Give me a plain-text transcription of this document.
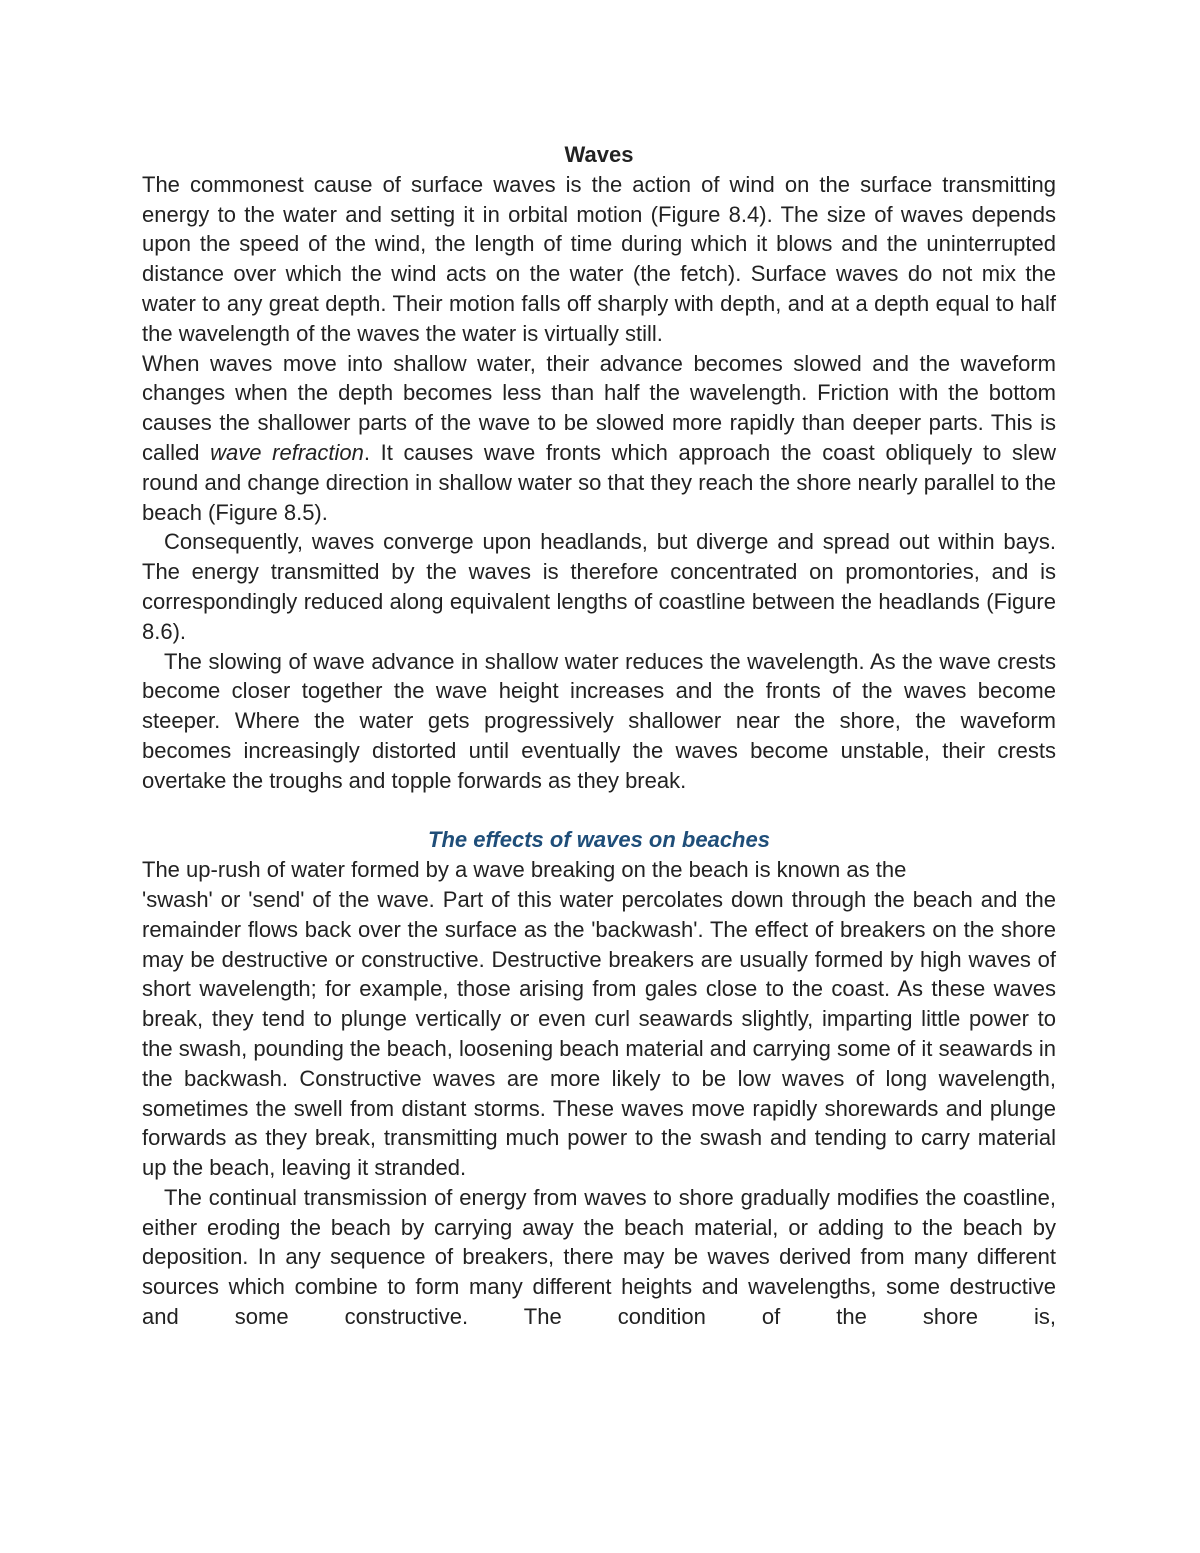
Waves

The commonest cause of surface waves is the action of wind on the surface transmitting energy to the water and setting it in orbital motion (Figure 8.4). The size of waves depends upon the speed of the wind, the length of time during which it blows and the uninterrupted distance over which the wind acts on the water (the fetch). Surface waves do not mix the water to any great depth. Their motion falls off sharply with depth, and at a depth equal to half the wavelength of the waves the water is virtually still.

When waves move into shallow water, their advance becomes slowed and the waveform changes when the depth becomes less than half the wavelength. Friction with the bottom causes the shallower parts of the wave to be slowed more rapidly than deeper parts. This is called wave refraction. It causes wave fronts which approach the coast obliquely to slew round and change direction in shallow water so that they reach the shore nearly parallel to the beach (Figure 8.5).

Consequently, waves converge upon headlands, but diverge and spread out within bays. The energy transmitted by the waves is therefore concentrated on promontories, and is correspondingly reduced along equivalent lengths of coastline between the headlands (Figure 8.6).

The slowing of wave advance in shallow water reduces the wavelength. As the wave crests become closer together the wave height increases and the fronts of the waves become steeper. Where the water gets progressively shallower near the shore, the waveform becomes increasingly distorted until eventually the waves become unstable, their crests overtake the troughs and topple forwards as they break.

The effects of waves on beaches

The up-rush of water formed by a wave breaking on the beach is known as the

'swash' or 'send' of the wave. Part of this water percolates down through the beach and the remainder flows back over the surface as the 'backwash'. The effect of breakers on the shore may be destructive or constructive. Destructive breakers are usually formed by high waves of short wavelength; for example, those arising from gales close to the coast. As these waves break, they tend to plunge vertically or even curl seawards slightly, imparting little power to the swash, pounding the beach, loosening beach material and carrying some of it seawards in the backwash. Constructive waves are more likely to be low waves of long wavelength, sometimes the swell from distant storms. These waves move rapidly shorewards and plunge forwards as they break, transmitting much power to the swash and tending to carry material up the beach, leaving it stranded.

The continual transmission of energy from waves to shore gradually modifies the coastline, either eroding the beach by carrying away the beach material, or adding to the beach by deposition. In any sequence of breakers, there may be waves derived from many different sources which combine to form many different heights and wavelengths, some destructive and some constructive. The condition of the shore is,
